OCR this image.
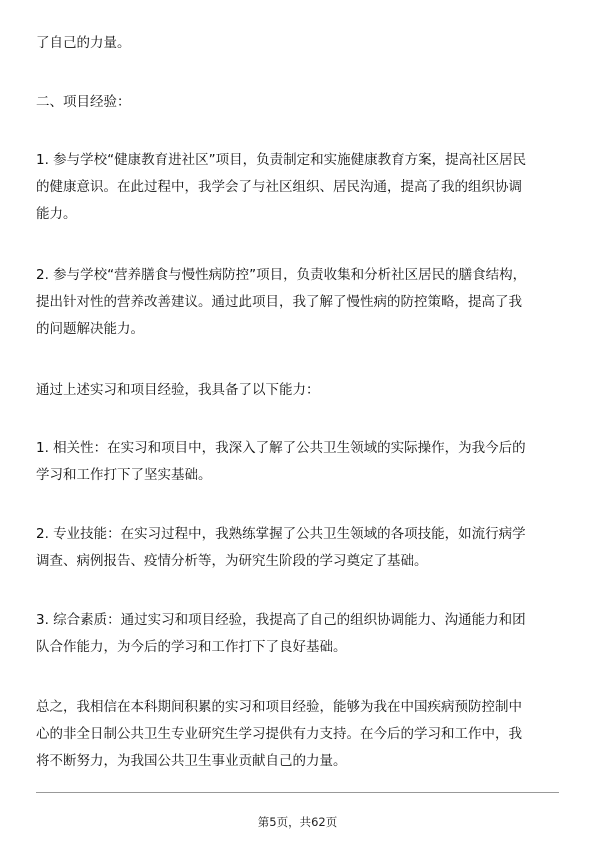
了自己的力量。

二、项目经验：

1. 参与学校“健康教育进社区”项目，负责制定和实施健康教育方案，提高社区居民
的健康意识。在此过程中，我学会了与社区组织、居民沟通，提高了我的组织协调
能力。

2. 参与学校“营养膳食与慢性病防控”项目，负责收集和分析社区居民的膳食结构，
提出针对性的营养改善建议。通过此项目，我了解了慢性病的防控策略，提高了我
的问题解决能力。

通过上述实习和项目经验，我具备了以下能力：

1. 相关性：在实习和项目中，我深入了解了公共卫生领域的实际操作，为我今后的
学习和工作打下了坚实基础。

2. 专业技能：在实习过程中，我熟练掌握了公共卫生领域的各项技能，如流行病学
调查、病例报告、疫情分析等，为研究生阶段的学习奠定了基础。

3. 综合素质：通过实习和项目经验，我提高了自己的组织协调能力、沟通能力和团
队合作能力，为今后的学习和工作打下了良好基础。

总之，我相信在本科期间积累的实习和项目经验，能够为我在中国疾病预防控制中
心的非全日制公共卫生专业研究生学习提供有力支持。在今后的学习和工作中，我
将不断努力，为我国公共卫生事业贡献自己的力量。

第5页，共62页
